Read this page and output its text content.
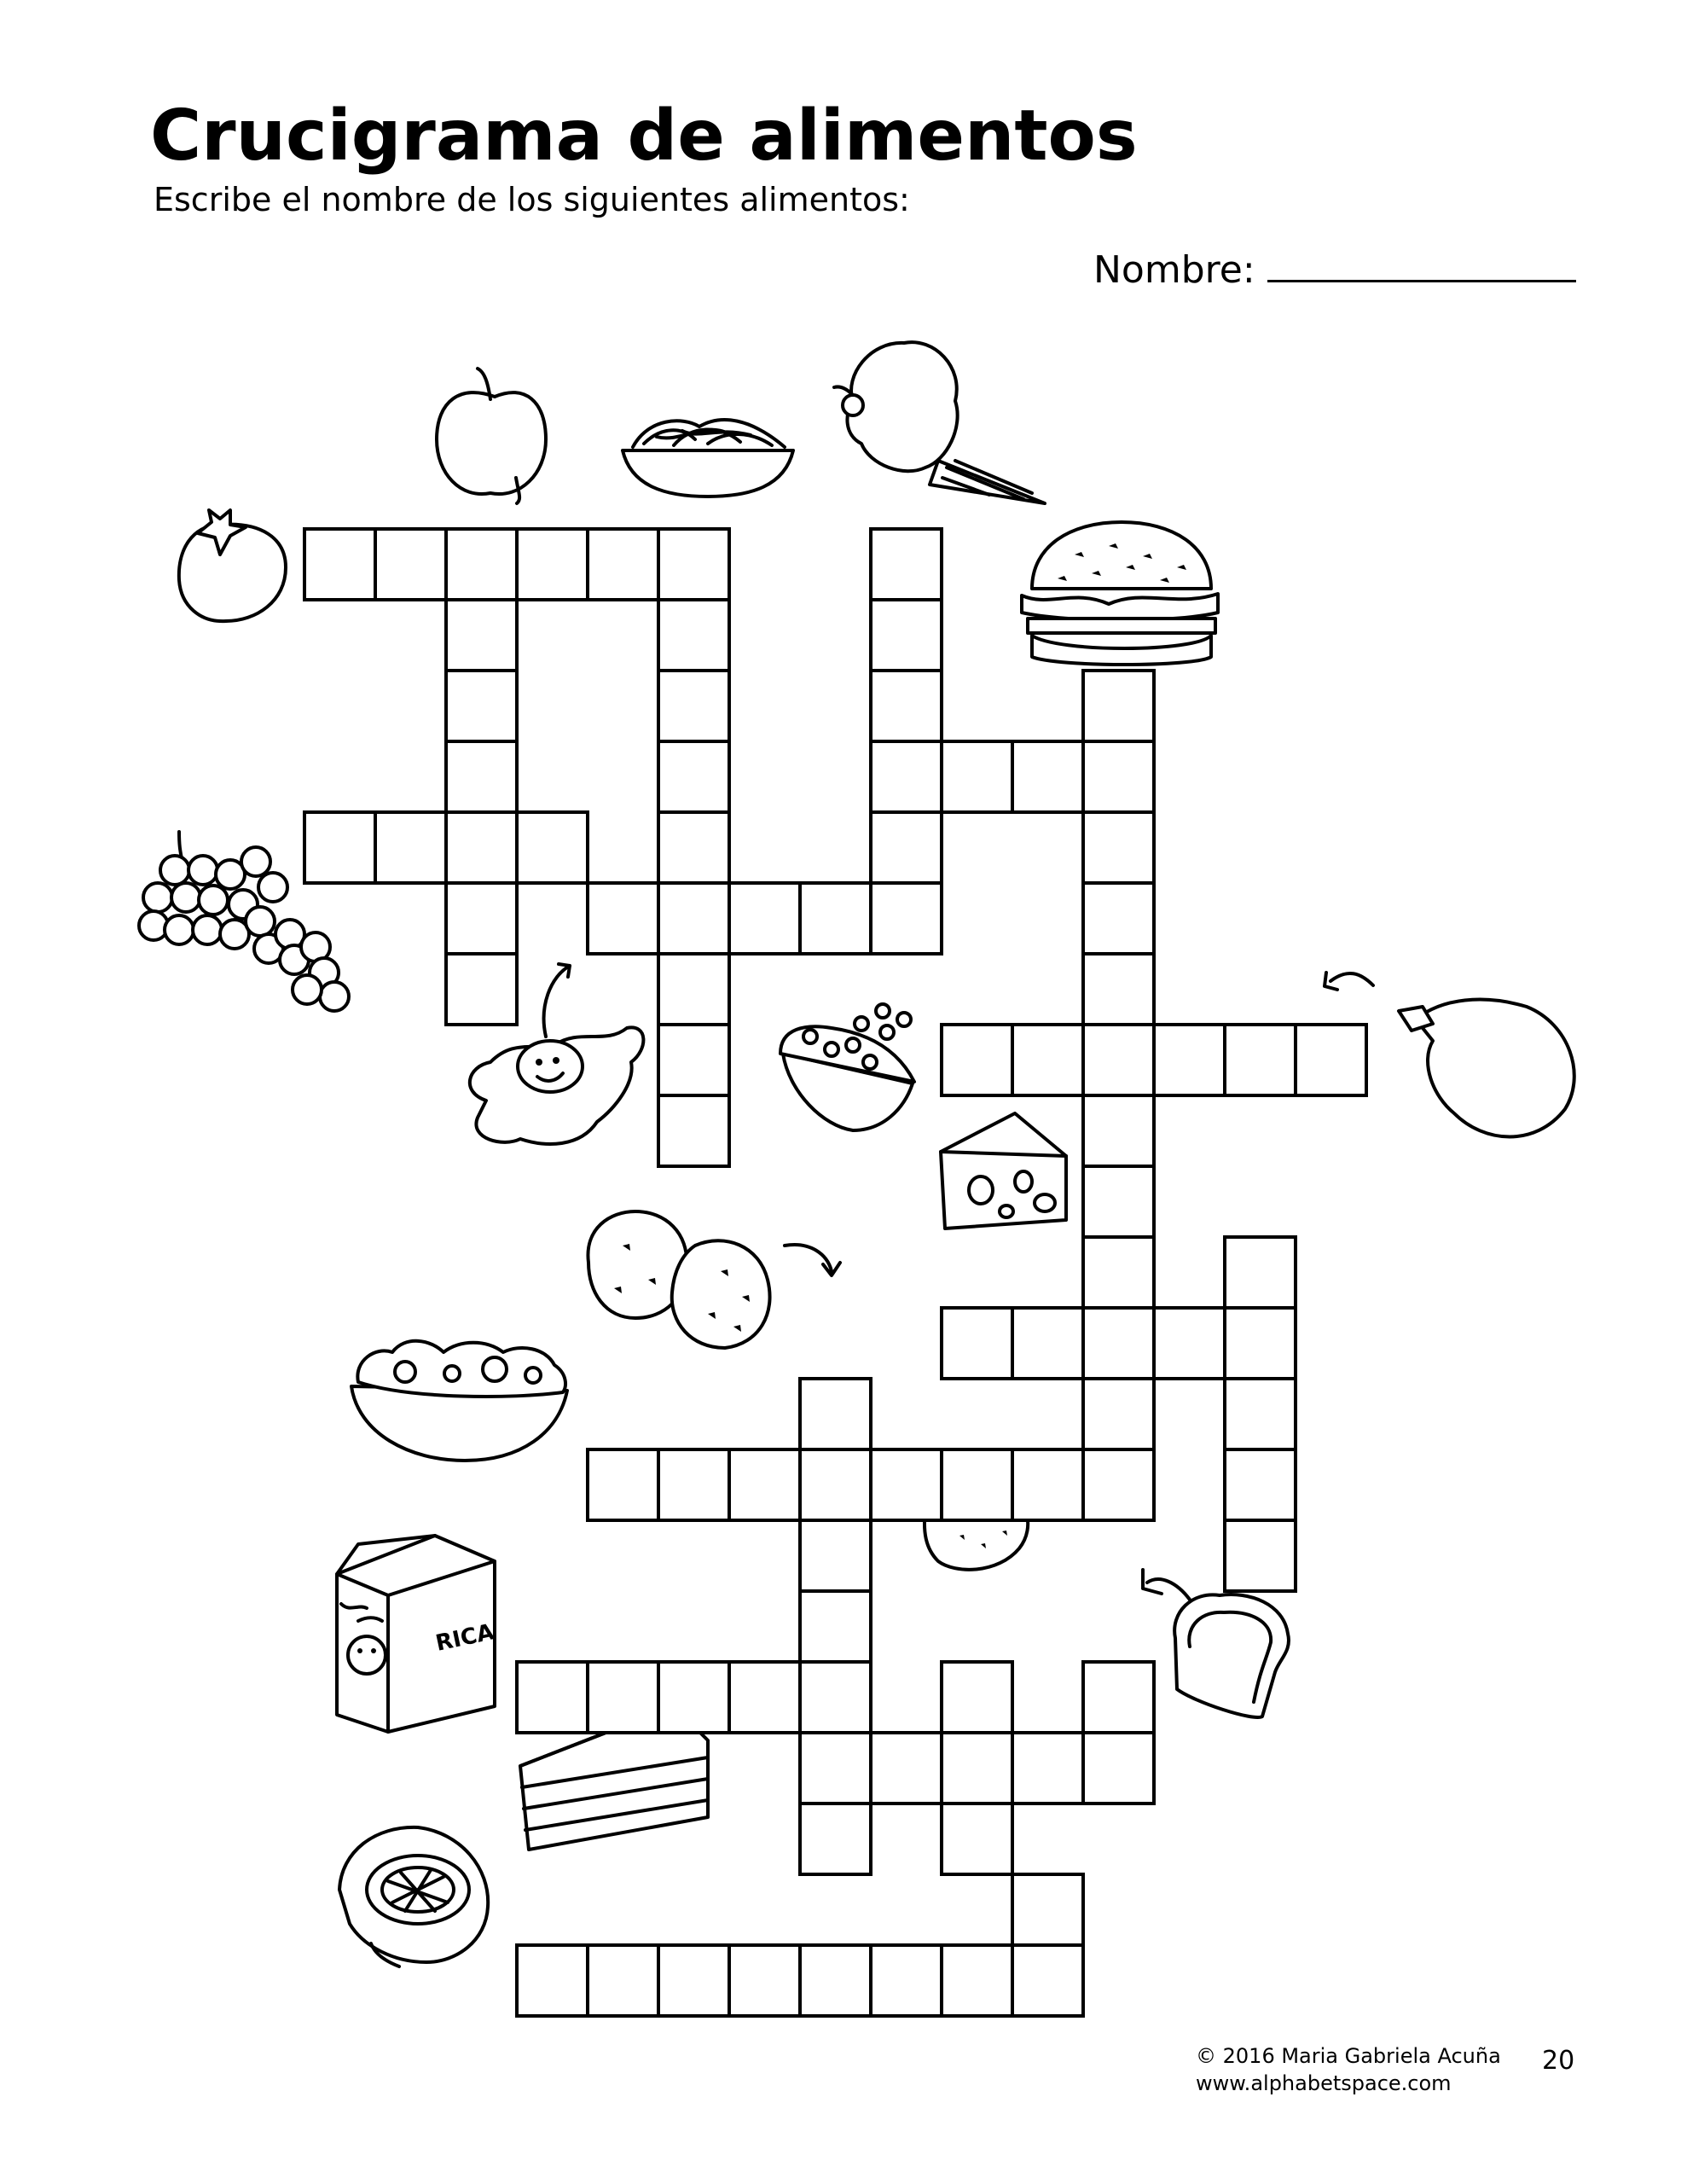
Crucigrama de alimentos
Escribe el nombre de los siguientes alimentos:
Nombre:
RICA
© 2016 Maria Gabriela Acuña
www.alphabetspace.com
20
